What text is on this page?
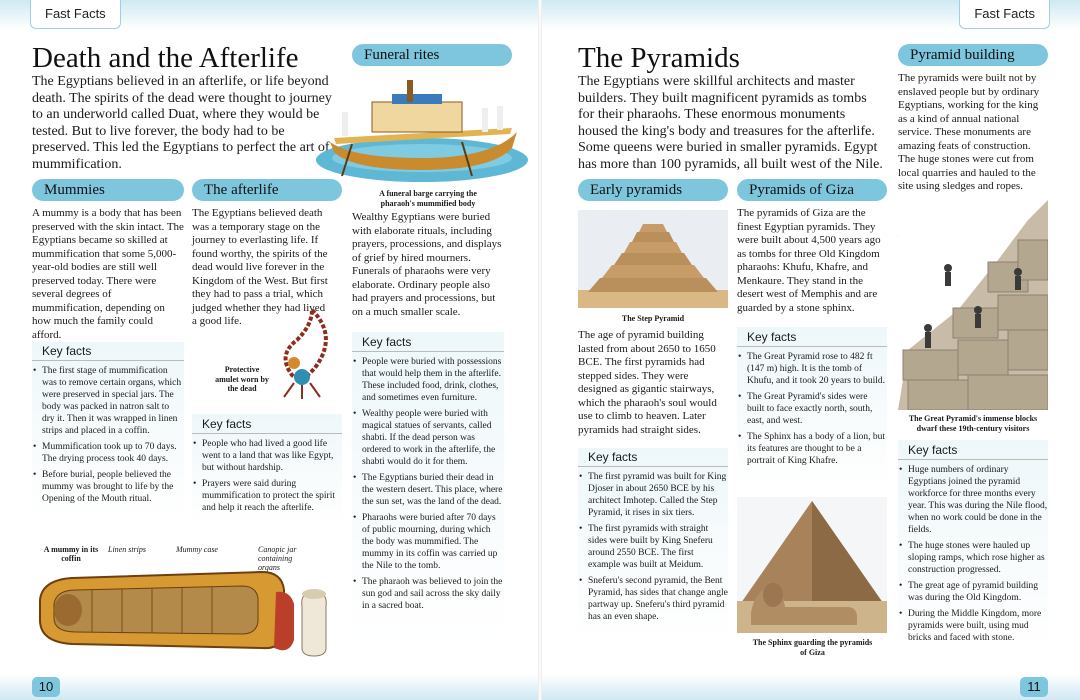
Fast Facts	Fast Facts
Death and the Afterlife

The Egyptians believed in an afterlife, or life beyond death. The spirits of the dead were thought to journey to an underworld called Duat, where they would be tested. But to live forever, the body had to be preserved. This led the Egyptians to perfect the art of mummification.

Funeral rites
A funeral barge carrying the pharaoh's mummified body
Mummies	The afterlife

A mummy is a body that has been preserved with the skin intact. The Egyptians became so skilled at mummification that some 5,000-year-old bodies are still well preserved today. There were several degrees of mummification, depending on how much the family could afford.

The Egyptians believed death was a temporary stage on the journey to everlasting life. If found worthy, the spirits of the dead would live forever in the Kingdom of the West. But first they had to pass a trial, which judged whether they had lived a good life.

Wealthy Egyptians were buried with elaborate rituals, including prayers, processions, and displays of grief by hired mourners. Funerals of pharaohs were very elaborate. Ordinary people also had prayers and processions, but on a much smaller scale.

Protective amulet worn by the dead
Key facts
• The first stage of mummification was to remove certain organs, which were preserved in special jars. The body was packed in natron salt to dry it. Then it was wrapped in linen strips and placed in a coffin.
• Mummification took up to 70 days. The drying process took 40 days.
• Before burial, people believed the mummy was brought to life by the Opening of the Mouth ritual.
Key facts
• People who had lived a good life went to a land that was like Egypt, but without hardship.
• Prayers were said during mummification to protect the spirit and help it reach the afterlife.
Key facts
• People were buried with possessions that would help them in the afterlife. These included food, drink, clothes, and sometimes even furniture.
• Wealthy people were buried with magical statues of servants, called shabti. If the dead person was ordered to work in the afterlife, the shabti would do it for them.
• The Egyptians buried their dead in the western desert. This place, where the sun set, was the land of the dead.
• Pharaohs were buried after 70 days of public mourning, during which the body was mummified. The mummy in its coffin was carried up the Nile to the tomb.
• The pharaoh was believed to join the sun god and sail across the sky daily in a sacred boat.
A mummy in its coffin
Linen strips	Mummy case	Canopic jar containing organs
10
The Pyramids

The Egyptians were skillful architects and master builders. They built magnificent pyramids as tombs for their pharaohs. These enormous monuments housed the king's body and treasures for the afterlife. Some queens were buried in smaller pyramids. Egypt has more than 100 pyramids, all built west of the Nile.

Pyramid building

The pyramids were built not by enslaved people but by ordinary Egyptians, working for the king as a kind of annual national service. These monuments are amazing feats of construction. The huge stones were cut from local quarries and hauled to the site using sledges and ropes.

Early pyramids	Pyramids of Giza
The Step Pyramid

The age of pyramid building lasted from about 2650 to 1650 BCE. The first pyramids had stepped sides. They were designed as gigantic stairways, which the pharaoh's soul would use to climb to heaven. Later pyramids had straight sides.

The pyramids of Giza are the finest Egyptian pyramids. They were built about 4,500 years ago as tombs for three Old Kingdom pharaohs: Khufu, Khafre, and Menkaure. They stand in the desert west of Memphis and are guarded by a stone sphinx.

Key facts
• The first pyramid was built for King Djoser in about 2650 BCE by his architect Imhotep. Called the Step Pyramid, it rises in six tiers.
• The first pyramids with straight sides were built by King Sneferu around 2550 BCE. The first example was built at Meidum.
• Sneferu's second pyramid, the Bent Pyramid, has sides that change angle partway up. Sneferu's third pyramid has an even shape.
Key facts
• The Great Pyramid rose to 482 ft (147 m) high. It is the tomb of Khufu, and it took 20 years to build.
• The Great Pyramid's sides were built to face exactly north, south, east, and west.
• The Sphinx has a body of a lion, but its features are thought to be a portrait of King Khafre.
The Sphinx guarding the pyramids of Giza
The Great Pyramid's immense blocks dwarf these 19th-century visitors
Key facts
• Huge numbers of ordinary Egyptians joined the pyramid workforce for three months every year. This was during the Nile flood, when no work could be done in the fields.
• The huge stones were hauled up sloping ramps, which rose higher as construction progressed.
• The great age of pyramid building was during the Old Kingdom.
• During the Middle Kingdom, more pyramids were built, using mud bricks and faced with stone.
11
